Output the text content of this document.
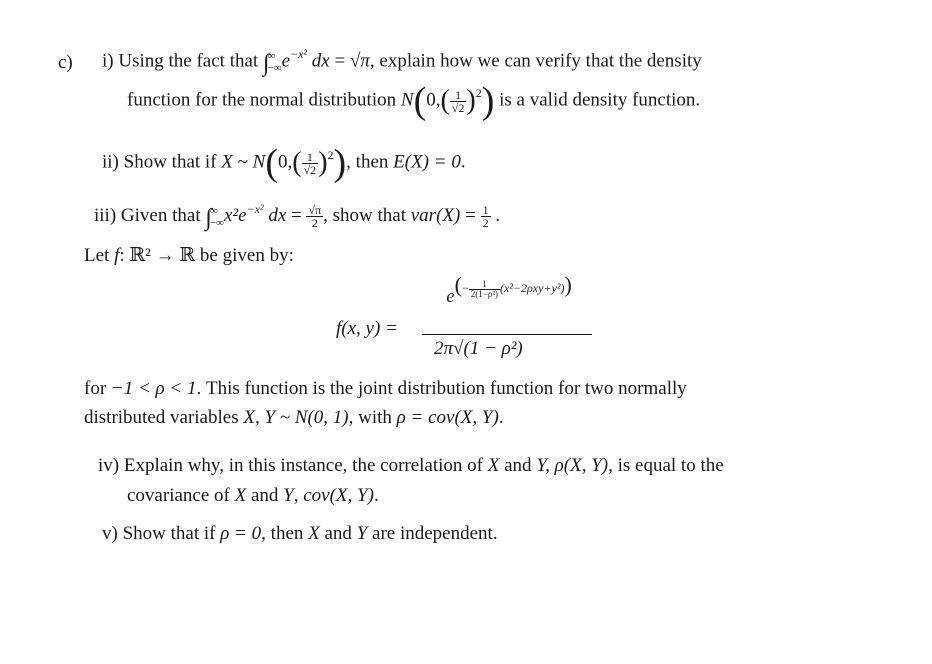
c) i) Using the fact that ∫
∞
−∞ $e^{-x^2}$ dx = √π, explain how we can verify that the density
function for the normal distribution $N(0,( \frac{1}{√2} )^2)$ is a valid density function.
ii) Show that if X ~ $N(0,( \frac{1}{√2} )^2)$, then E(X) = 0.
iii) Given that ∫
∞
−∞ $x^2e^{-x^2}$ dx = $\frac{√\pi}{2}$ , show that $var(X) = \frac{1}{2}$ .
Let f: ℝ² → ℝ be given by:
f(x, y) =
$e^{(- \frac{1}{\text{2(1−ρ²)}} (x^2-2\rho xy+y^2))}$
2π√(1 − ρ²)
for −1 < ρ < 1. This function is the joint distribution function for two normally
distributed variables X, Y ~ N(0, 1), with ρ = cov(X, Y).
iv) Explain why, in this instance, the correlation of X and Y, ρ(X, Y), is equal to the
covariance of X and Y, cov(X, Y).
v) Show that if ρ = 0, then X and Y are independent.
